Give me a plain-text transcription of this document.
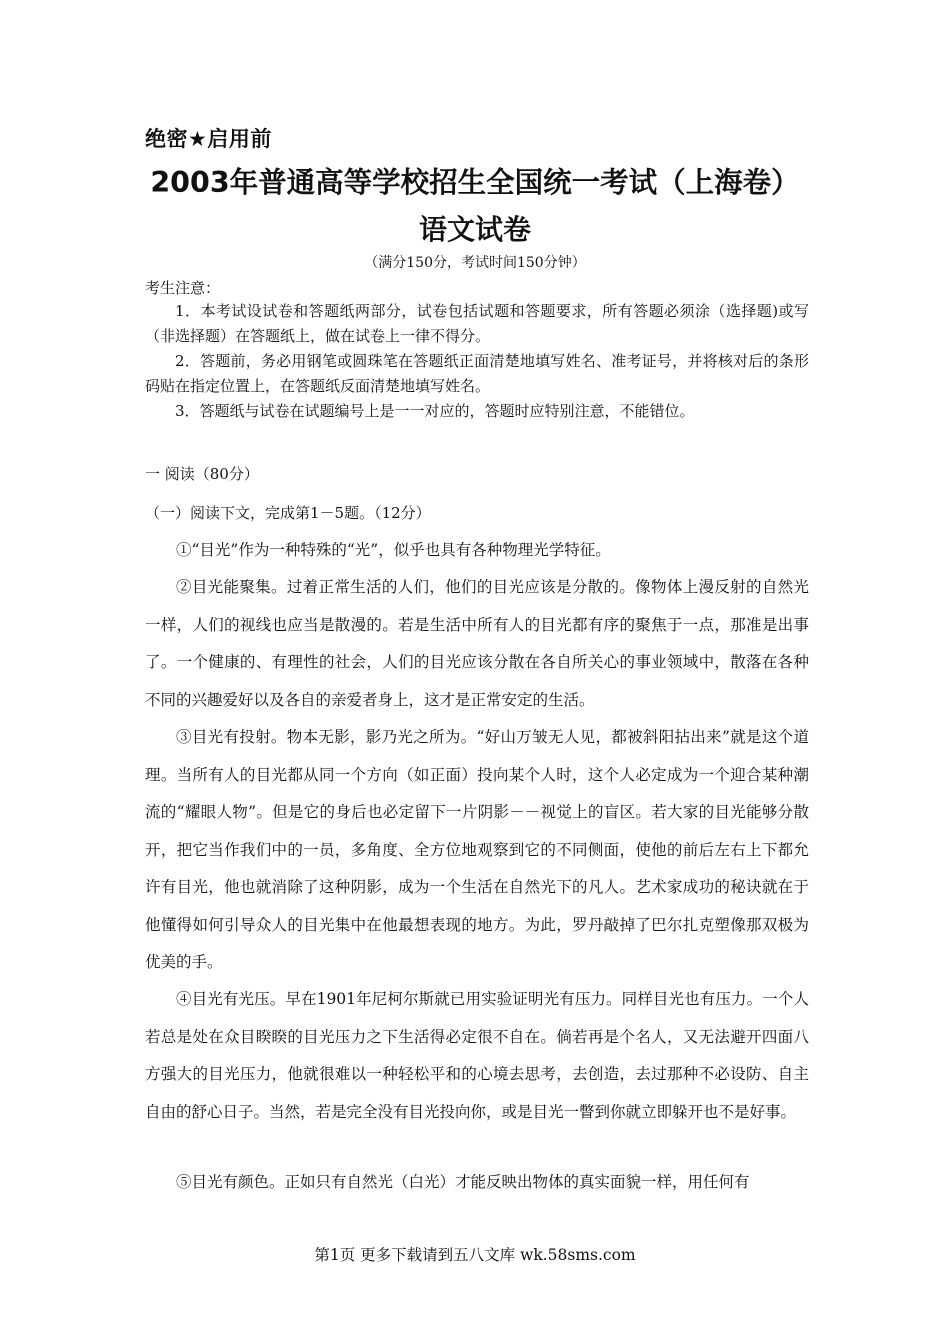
绝密★启用前
2003年普通高等学校招生全国统一考试（上海卷）
语文试卷
（满分150分，考试时间150分钟）
考生注意：
1．本考试设试卷和答题纸两部分，试卷包括试题和答题要求，所有答题必须涂（选择题)或写（非选择题）在答题纸上，做在试卷上一律不得分。
2．答题前，务必用钢笔或圆珠笔在答题纸正面清楚地填写姓名、准考证号，并将核对后的条形码贴在指定位置上，在答题纸反面清楚地填写姓名。
3．答题纸与试卷在试题编号上是一一对应的，答题时应特别注意，不能错位。
一 阅读（80分）
（一）阅读下文，完成第1－5题。（12分）
①“目光”作为一种特殊的“光”，似乎也具有各种物理光学特征。
②目光能聚集。过着正常生活的人们，他们的目光应该是分散的。像物体上漫反射的自然光一样，人们的视线也应当是散漫的。若是生活中所有人的目光都有序的聚焦于一点，那准是出事了。一个健康的、有理性的社会，人们的目光应该分散在各自所关心的事业领域中，散落在各种不同的兴趣爱好以及各自的亲爱者身上，这才是正常安定的生活。
③目光有投射。物本无影，影乃光之所为。“好山万皱无人见，都被斜阳拈出来”就是这个道理。当所有人的目光都从同一个方向（如正面）投向某个人时，这个人必定成为一个迎合某种潮流的“耀眼人物”。但是它的身后也必定留下一片阴影－－视觉上的盲区。若大家的目光能够分散开，把它当作我们中的一员，多角度、全方位地观察到它的不同侧面，使他的前后左右上下都允许有目光，他也就消除了这种阴影，成为一个生活在自然光下的凡人。艺术家成功的秘诀就在于他懂得如何引导众人的目光集中在他最想表现的地方。为此，罗丹敲掉了巴尔扎克塑像那双极为优美的手。
④目光有光压。早在1901年尼柯尔斯就已用实验证明光有压力。同样目光也有压力。一个人若总是处在众目睽睽的目光压力之下生活得必定很不自在。倘若再是个名人，又无法避开四面八方强大的目光压力，他就很难以一种轻松平和的心境去思考，去创造，去过那种不必设防、自主自由的舒心日子。当然，若是完全没有目光投向你，或是目光一瞥到你就立即躲开也不是好事。
⑤目光有颜色。正如只有自然光（白光）才能反映出物体的真实面貌一样，用任何有
第1页 更多下载请到五八文库 wk.58sms.com
